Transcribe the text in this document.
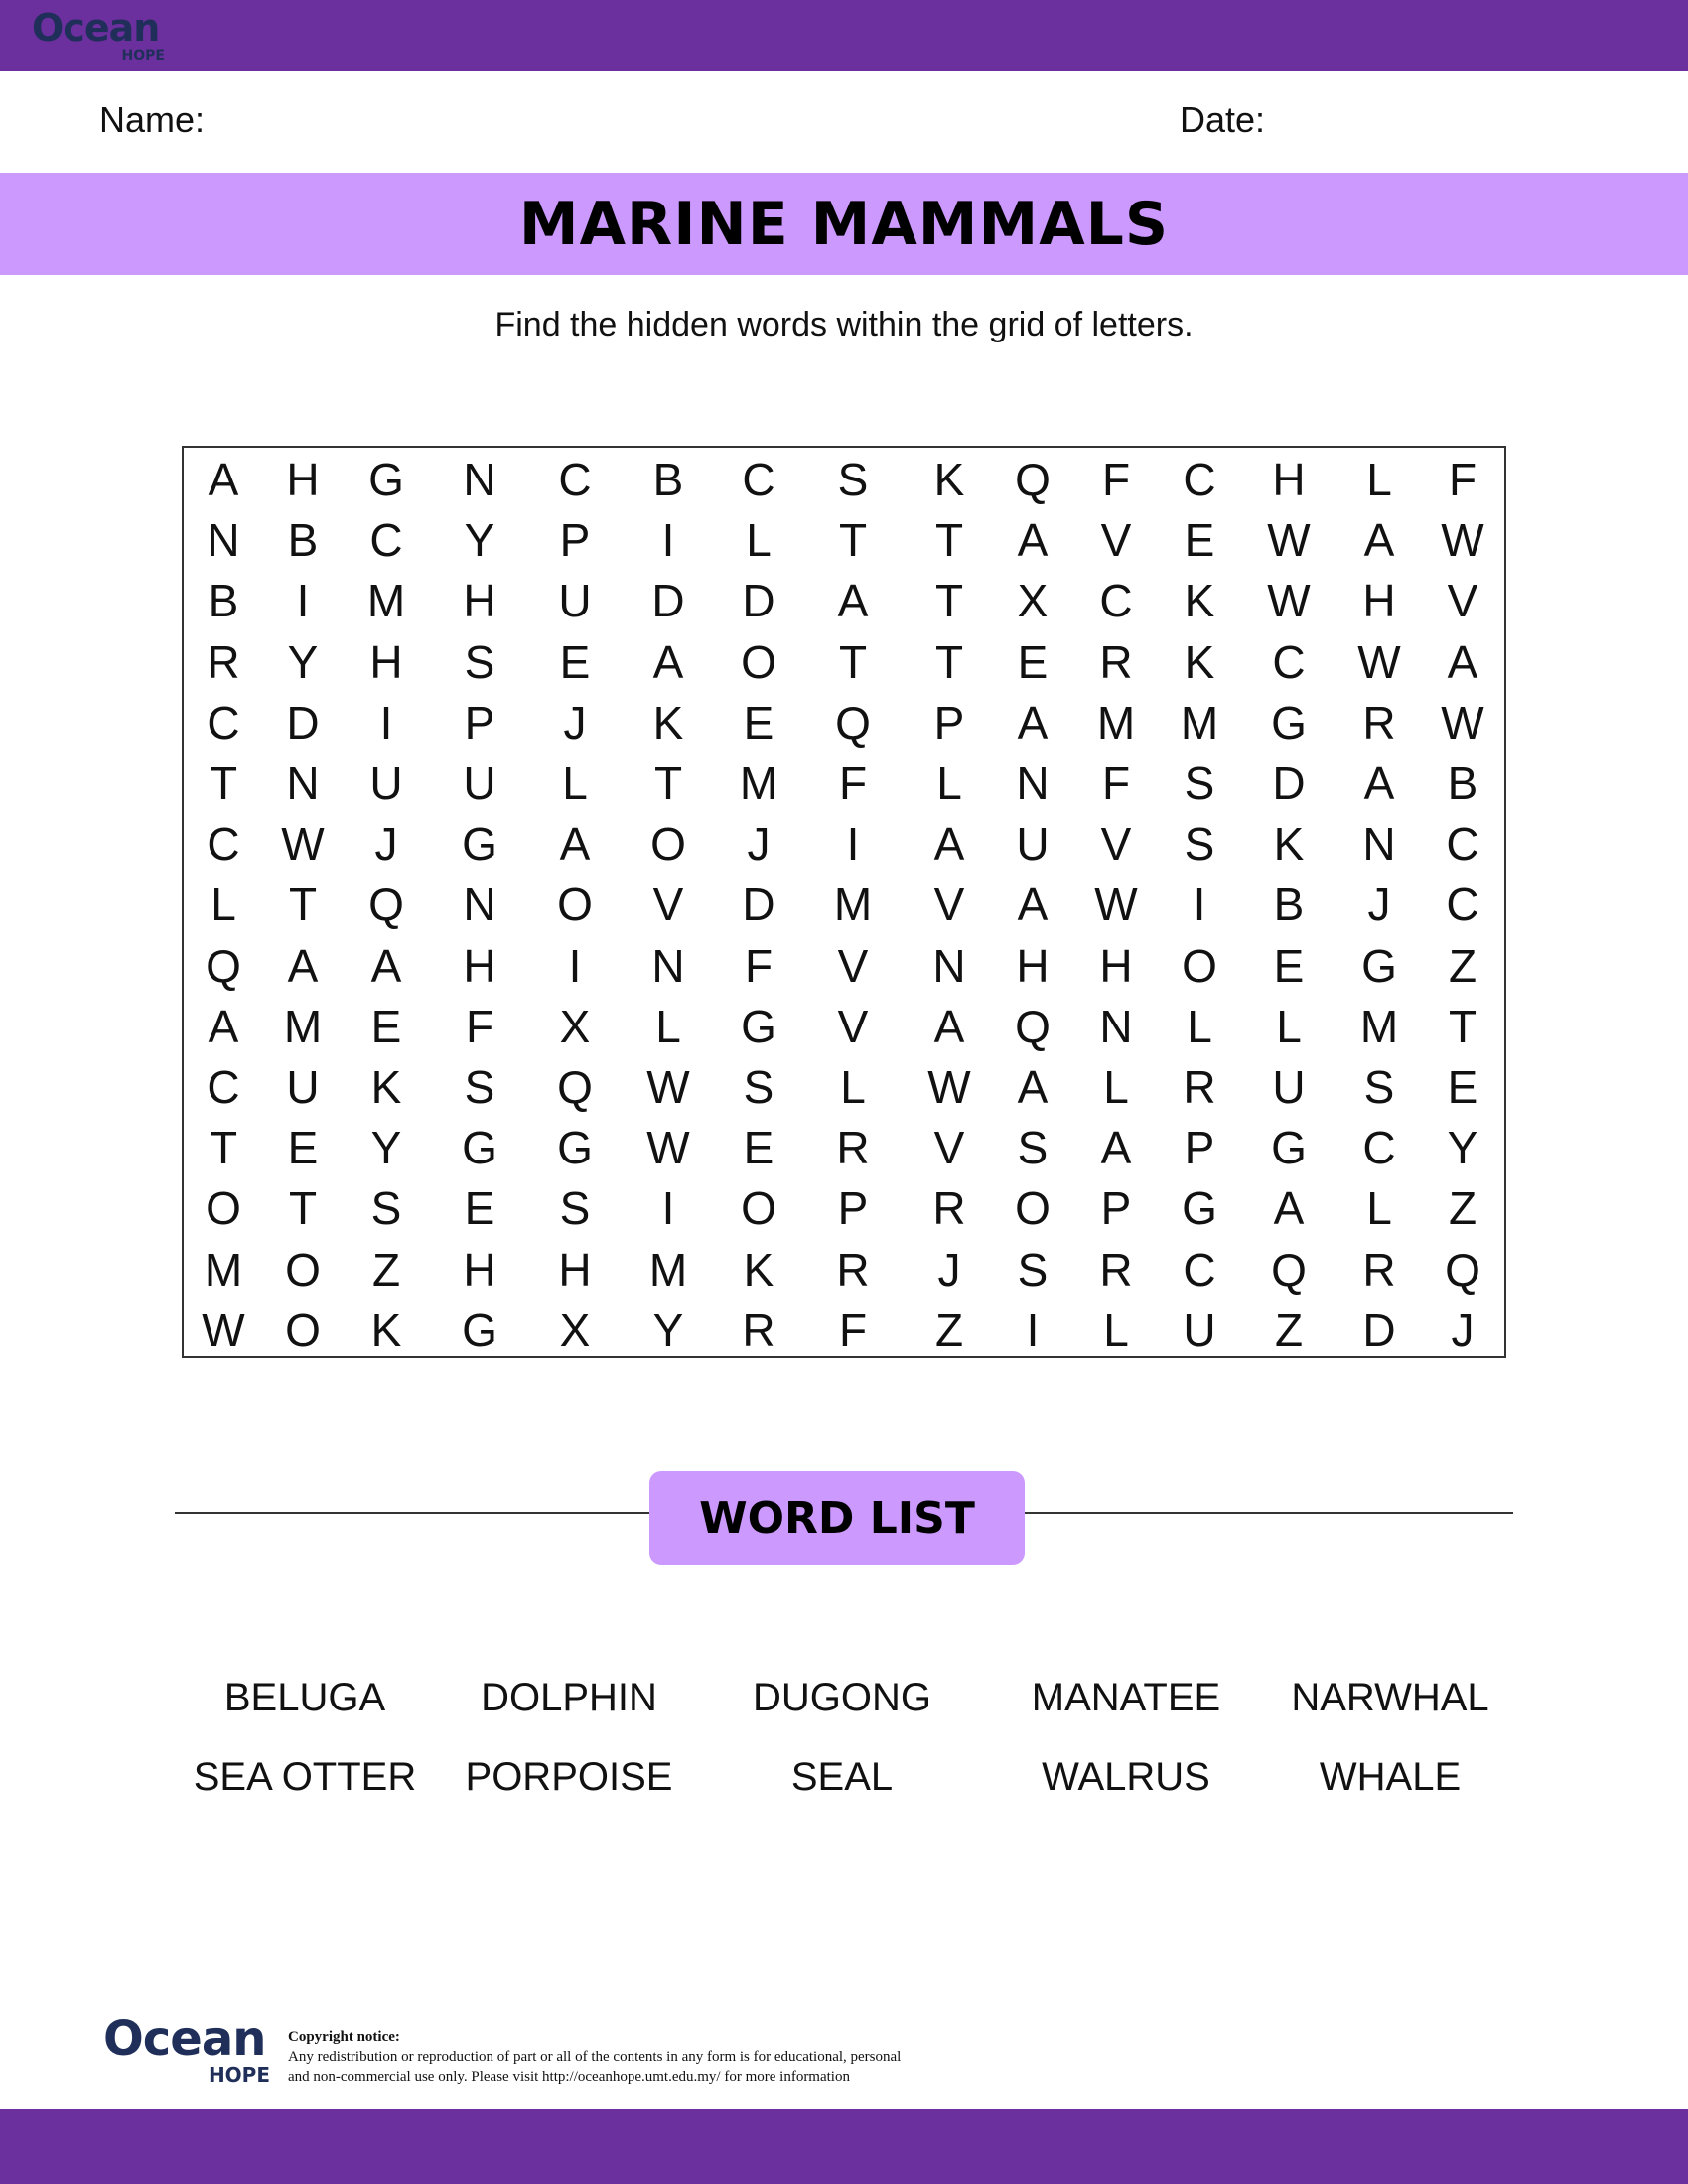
Ocean
HOPE
Name:	Date:
MARINE MAMMALS
Find the hidden words within the grid of letters.
A	H G N C	B	C	S	K	Q	F	C H	L	F
N	B	C	Y	P	I	L	T	T	A	V	E	W	A	W
B	I	M H U D D	A	T	X	C	K	W H	V
R	Y	H	S	E	A	O	T	T	E	R	K	C W	A
C D	I	P	J	K	E	Q	P	A	M M G R W
T	N U U	L	T	M	F	L	N	F	S	D	A	B
C W	J	G	A	O	J	I	A	U	V	S	K	N C
L	T	Q N O	V	D M	V	A	W	I	B	J	C
Q	A	A	H	I	N	F	V	N H H O	E	G	Z
A M	E	F	X	L	G	V	A	Q N	L	L	M	T
C U	K	S	Q W	S	L	W	A	L	R U	S	E
T	E	Y	G G W	E	R	V	S	A	P	G C	Y
O	T	S	E	S	I	O	P	R O	P	G	A	L	Z
M O	Z	H H M	K	R	J	S	R C Q R Q
W O	K	G	X	Y	R	F	Z	I	L	U	Z	D	J
WORD LIST
BELUGA	DOLPHIN	DUGONG	MANATEE	NARWHAL
SEA OTTER	PORPOISE	SEAL	WALRUS	WHALE
Ocean
HOPE
Copyright notice:
Any redistribution or reproduction of part or all of the contents in any form is for educational, personal
and non-commercial use only. Please visit http://oceanhope.umt.edu.my/ for more information
